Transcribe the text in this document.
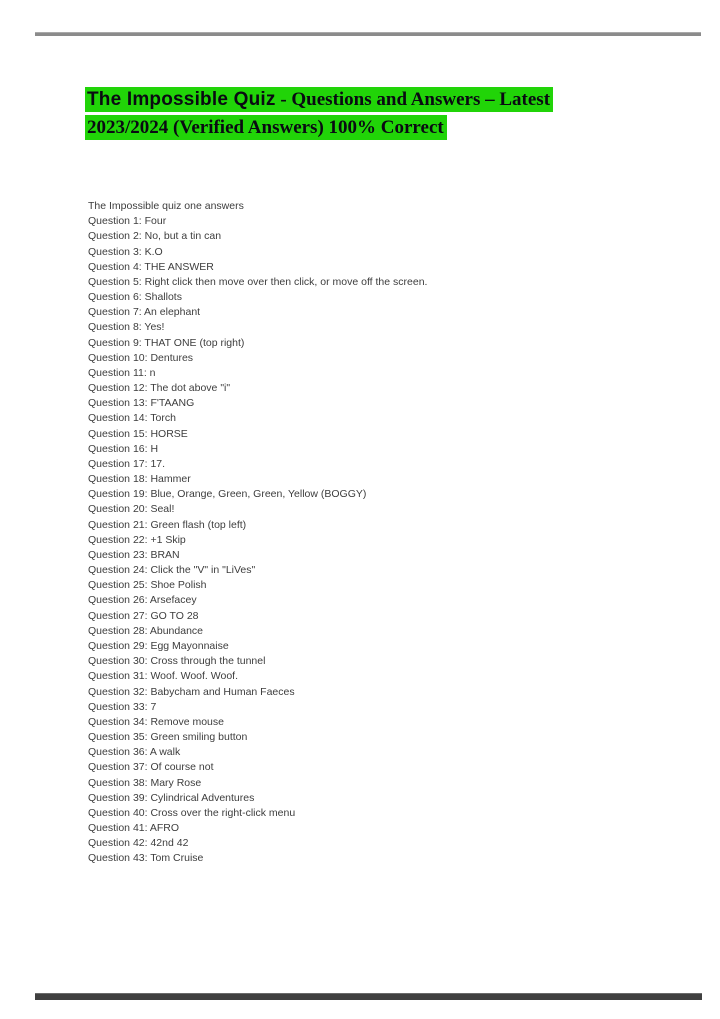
The Impossible Quiz - Questions and Answers – Latest
2023/2024 (Verified Answers) 100% Correct
The Impossible quiz one answers
Question 1: Four
Question 2: No, but a tin can
Question 3: K.O
Question 4: THE ANSWER
Question 5: Right click then move over then click, or move off the screen.
Question 6: Shallots
Question 7: An elephant
Question 8: Yes!
Question 9: THAT ONE (top right)
Question 10: Dentures
Question 11: n
Question 12: The dot above "i"
Question 13: F'TAANG
Question 14: Torch
Question 15: HORSE
Question 16: H
Question 17: 17.
Question 18: Hammer
Question 19: Blue, Orange, Green, Green, Yellow (BOGGY)
Question 20: Seal!
Question 21: Green flash (top left)
Question 22: +1 Skip
Question 23: BRAN
Question 24: Click the "V" in "LiVes"
Question 25: Shoe Polish
Question 26: Arsefacey
Question 27: GO TO 28
Question 28: Abundance
Question 29: Egg Mayonnaise
Question 30: Cross through the tunnel
Question 31: Woof. Woof. Woof.
Question 32: Babycham and Human Faeces
Question 33: 7
Question 34: Remove mouse
Question 35: Green smiling button
Question 36: A walk
Question 37: Of course not
Question 38: Mary Rose
Question 39: Cylindrical Adventures
Question 40: Cross over the right-click menu
Question 41: AFRO
Question 42: 42nd 42
Question 43: Tom Cruise
